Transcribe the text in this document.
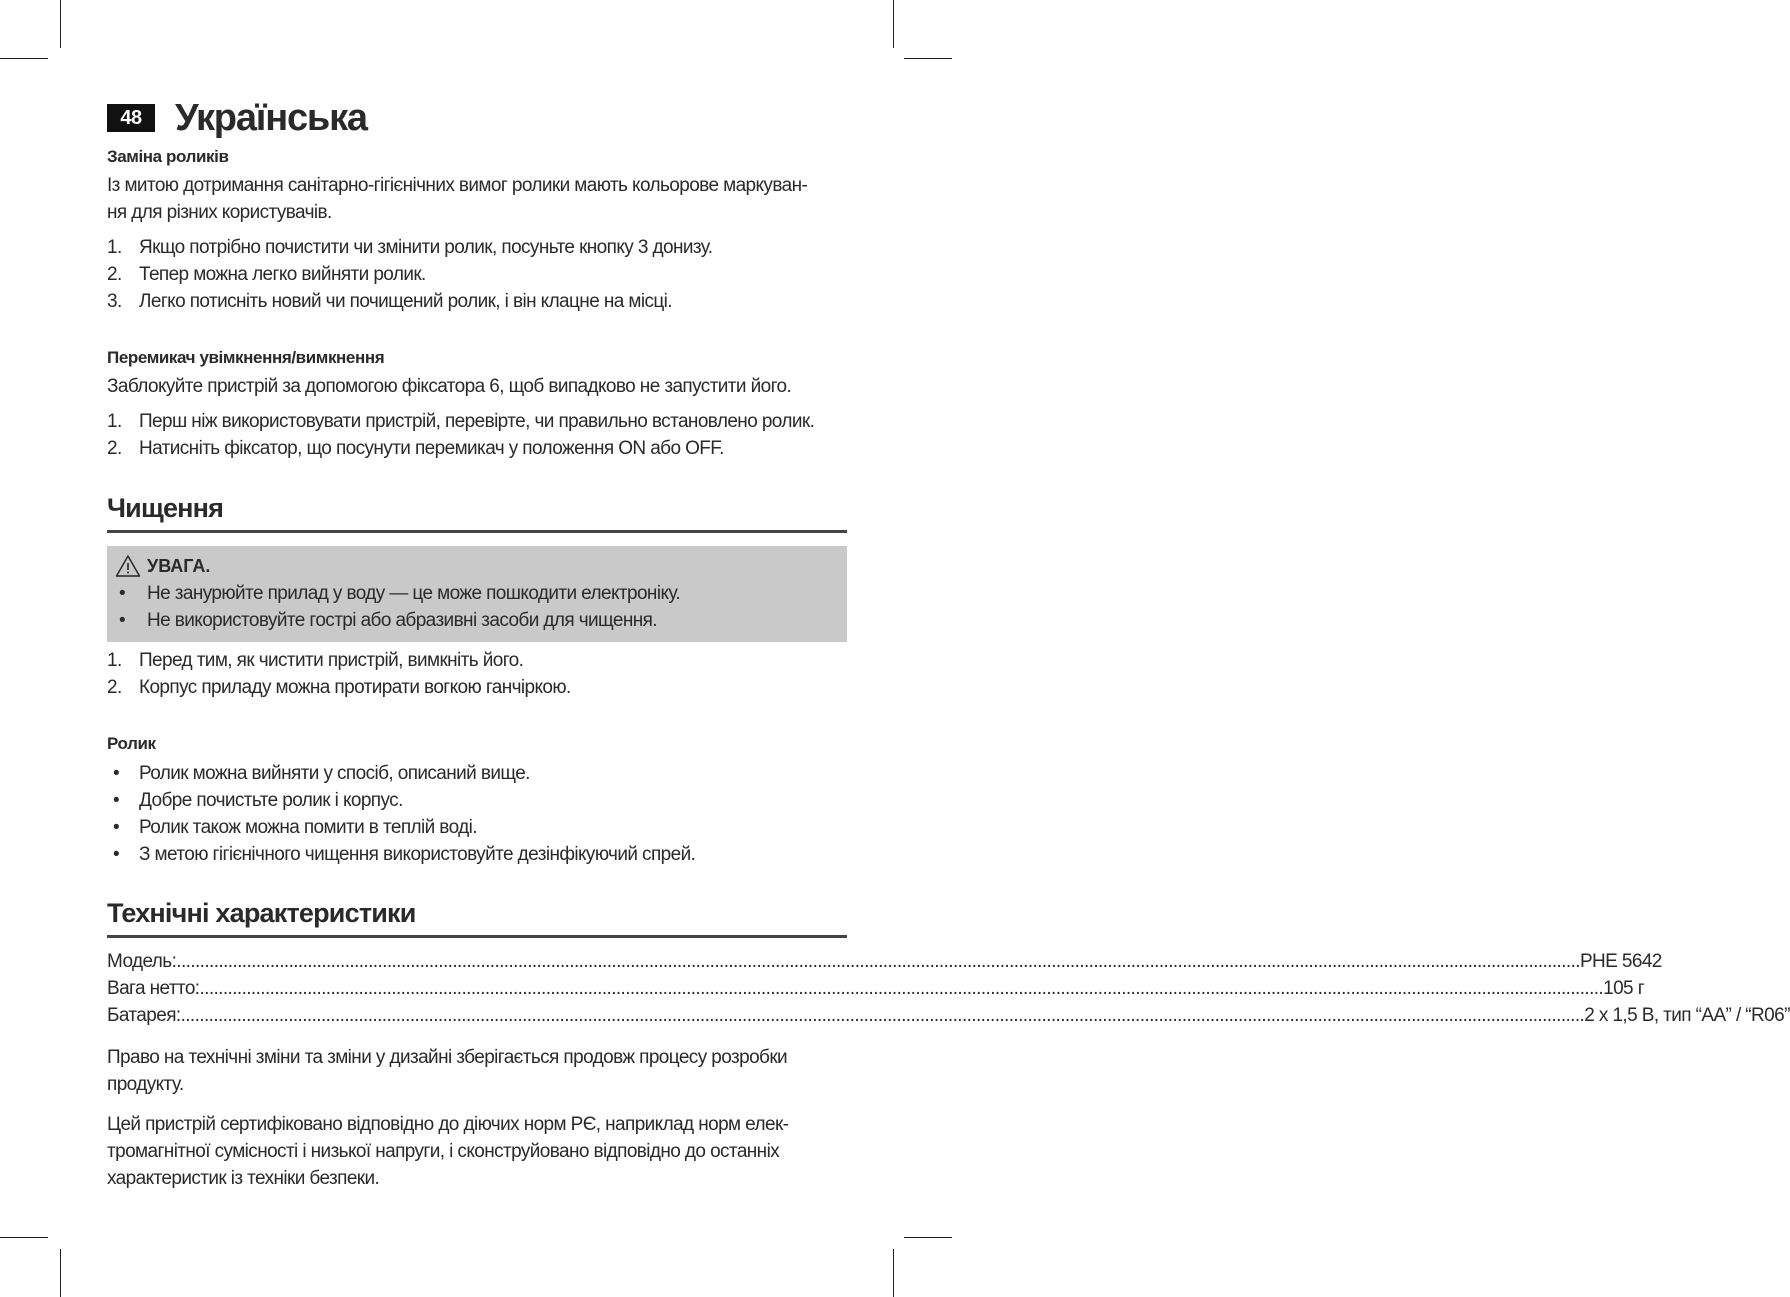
48 Українська

Заміна роликів

Із митою дотримання санітарно-гігієнічних вимог ролики мають кольорове маркуван-

ня для різних користувачів.

1. Якщо потрібно почистити чи змінити ролик, посуньте кнопку 3 донизу.
2. Тепер можна легко вийняти ролик.
3. Легко потисніть новий чи почищений ролик, і він клацне на місці.

Перемикач увімкнення/вимкнення

Заблокуйте пристрій за допомогою фіксатора 6, щоб випадково не запустити його.

1. Перш ніж використовувати пристрій, перевірте, чи правильно встановлено ролик.
2. Натисніть фіксатор, що посунути перемикач у положення ON або OFF.
Чищення
УВАГА.
•	Не занурюйте прилад у воду — це може пошкодити електроніку.
•	Не використовуйте гострі або абразивні засоби для чищення.
1. Перед тим, як чистити пристрій, вимкніть його.
2. Корпус приладу можна протирати вогкою ганчіркою.

Ролик

•	Ролик можна вийняти у спосіб, описаний вище.
•	Добре почистьте ролик і корпус.
•	Ролик також можна помити в теплій воді.
•	З метою гігієнічного чищення використовуйте дезінфікуючий спрей.
Технічні характеристики
Модель: ............................................................................................................................................................................................................................................................................................................ PHE 5642
Вага нетто: ............................................................................................................................................................................................................................................................................................................ 105 г
Батарея: ............................................................................................................................................................................................................................................................................................................ 2 x 1,5 В, тип “AA” / “R06”

Право на технічні зміни та зміни у дизайні зберігається продовж процесу розробки

продукту.

Цей пристрій сертифіковано відповідно до діючих норм РЄ, наприклад норм елек-

тромагнітної сумісності і низької напруги, і сконструйовано відповідно до останніх

характеристик із техніки безпеки.
